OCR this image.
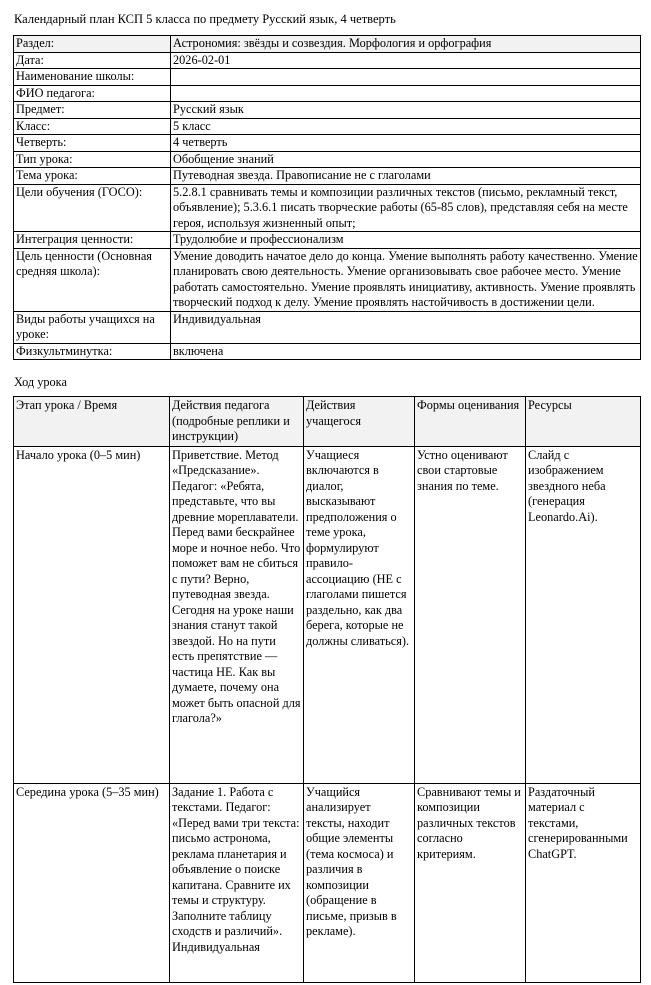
Календарный план КСП 5 класса по предмету Русский язык, 4 четверть
Раздел:	Астрономия: звёзды и созвездия. Морфология и орфография
Дата:	2026-02-01
Наименование школы:	
ФИО педагога:	
Предмет:	Русский язык
Класс:	5 класс
Четверть:	4 четверть
Тип урока:	Обобщение знаний
Тема урока:	Путеводная звезда. Правописание не с глаголами
Цели обучения (ГОСО):	5.2.8.1 сравнивать темы и композиции различных текстов (письмо, рекламный текст, объявление); 5.3.6.1 писать творческие работы (65-85 слов), представляя себя на месте героя, используя жизненный опыт;
Интеграция ценности:	Трудолюбие и профессионализм
Цель ценности (Основная средняя школа):	Умение доводить начатое дело до конца. Умение выполнять работу качественно. Умение планировать свою деятельность. Умение организовывать свое рабочее место. Умение работать самостоятельно. Умение проявлять инициативу, активность. Умение проявлять творческий подход к делу. Умение проявлять настойчивость в достижении цели.
Виды работы учащихся на уроке:	Индивидуальная
Физкультминутка:	включена
Ход урока
Этап урока / Время	Действия педагога (подробные реплики и инструкции)	Действия учащегося	Формы оценивания	Ресурсы
Начало урока (0–5 мин)	Приветствие. Метод «Предсказание». Педагог: «Ребята, представьте, что вы древние мореплаватели. Перед вами бескрайнее море и ночное небо. Что поможет вам не сбиться с пути? Верно, путеводная звезда. Сегодня на уроке наши знания станут такой звездой. Но на пути есть препятствие — частица НЕ. Как вы думаете, почему она может быть опасной для глагола?»	Учащиеся включаются в диалог, высказывают предположения о теме урока, формулируют правило-ассоциацию (НЕ с глаголами пишется раздельно, как два берега, которые не должны сливаться).	Устно оценивают свои стартовые знания по теме.	Слайд с изображением звездного неба (генерация Leonardo.Ai).
Середина урока (5–35 мин)	Задание 1. Работа с текстами. Педагог: «Перед вами три текста: письмо астронома, реклама планетария и объявление о поиске капитана. Сравните их темы и структуру. Заполните таблицу сходств и различий». Индивидуальная	Учащийся анализирует тексты, находит общие элементы (тема космоса) и различия в композиции (обращение в письме, призыв в рекламе).	Сравнивают темы и композиции различных текстов согласно критериям.	Раздаточный материал с текстами, сгенерированными ChatGPT.
